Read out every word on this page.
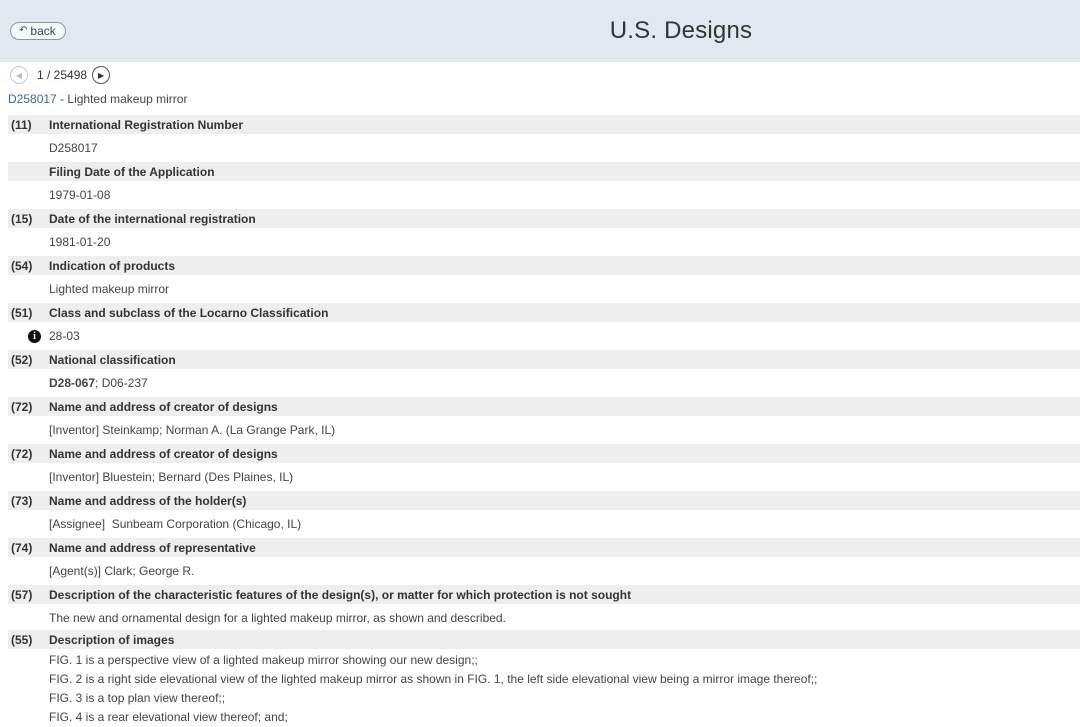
↶ back	U.S. Designs
◀ 1 / 25498 ▶
D258017 - Lighted makeup mirror
(11)	International Registration Number
D258017
Filing Date of the Application
1979-01-08
(15)	Date of the international registration
1981-01-20
(54)	Indication of products
Lighted makeup mirror
(51)	Class and subclass of the Locarno Classification
i	28-03
(52)	National classification
D28-067 ; D06-237
(72)	Name and address of creator of designs
[Inventor] Steinkamp; Norman A. (La Grange Park, IL)
(72)	Name and address of creator of designs
[Inventor] Bluestein; Bernard (Des Plaines, IL)
(73)	Name and address of the holder(s)
[Assignee]  Sunbeam Corporation (Chicago, IL)
(74)	Name and address of representative
[Agent(s)] Clark; George R.
(57)	Description of the characteristic features of the design(s), or matter for which protection is not sought
The new and ornamental design for a lighted makeup mirror, as shown and described.
(55)	Description of images
FIG. 1 is a perspective view of a lighted makeup mirror showing our new design;;
FIG. 2 is a right side elevational view of the lighted makeup mirror as shown in FIG. 1, the left side elevational view being a mirror image thereof;;
FIG. 3 is a top plan view thereof;;
FIG. 4 is a rear elevational view thereof; and;
